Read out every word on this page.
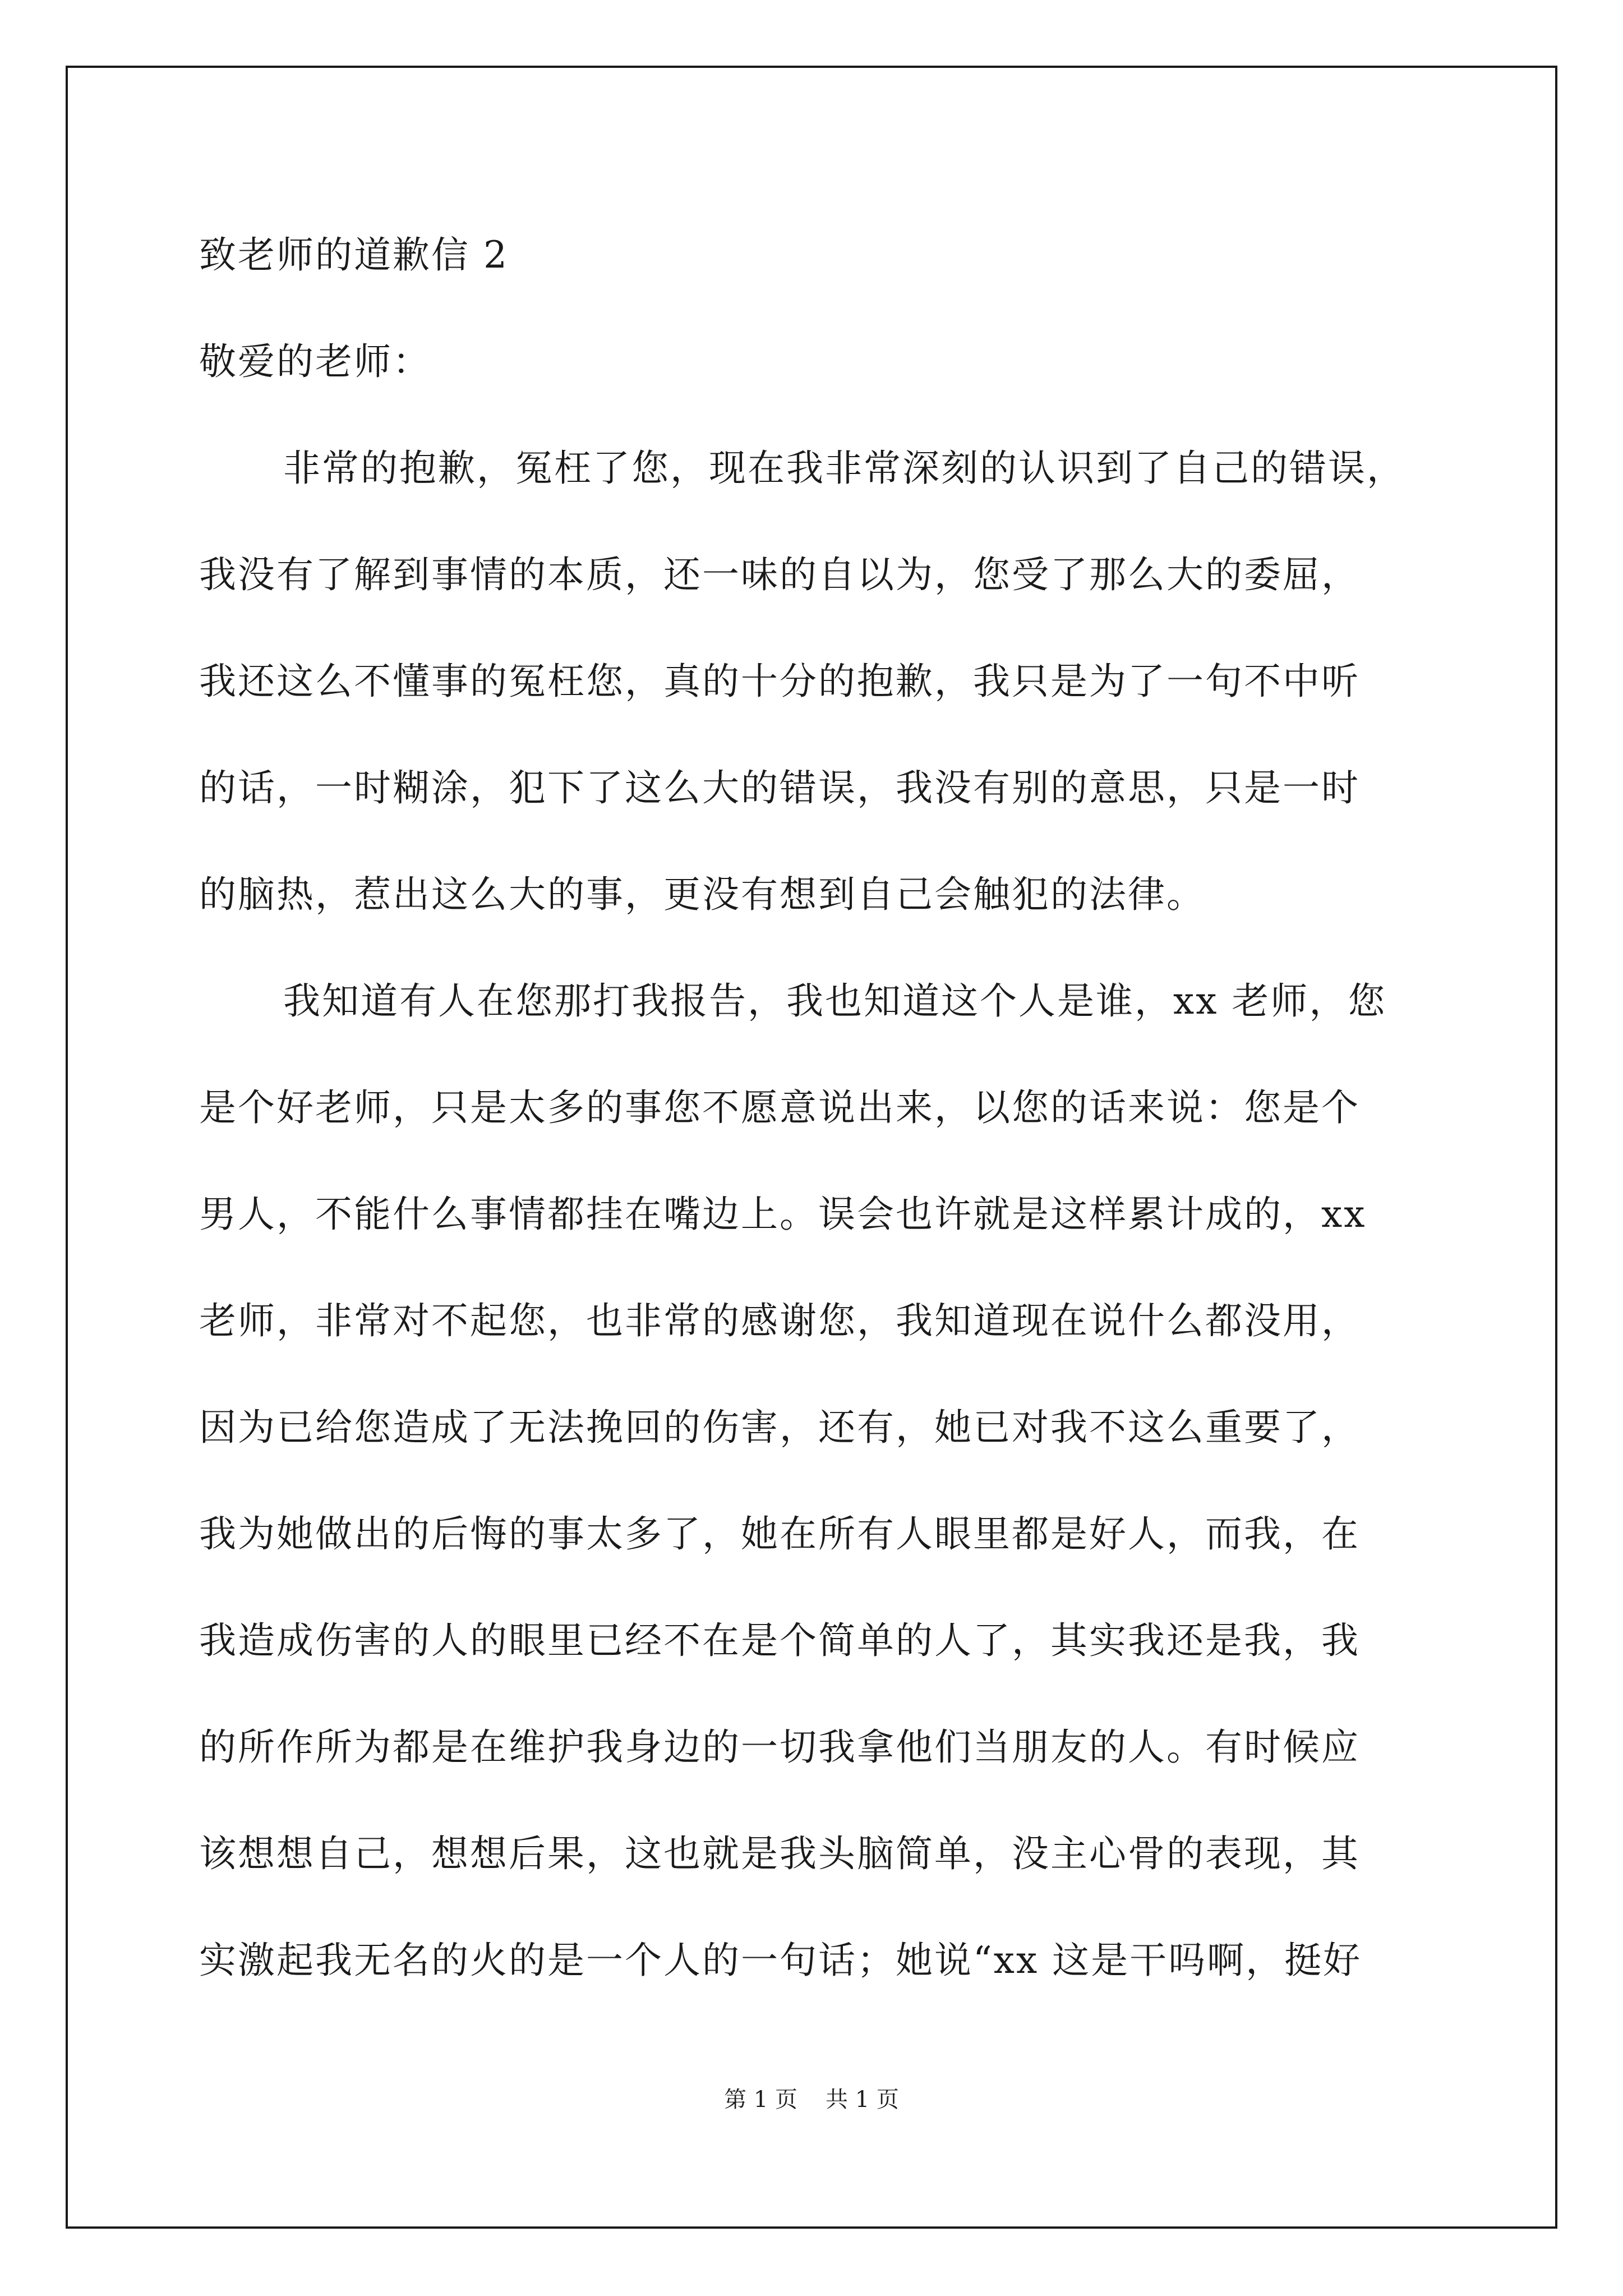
致老师的道歉信 2

敬爱的老师：

非常的抱歉，冤枉了您，现在我非常深刻的认识到了自己的错误，
我没有了解到事情的本质，还一味的自以为，您受了那么大的委屈，
我还这么不懂事的冤枉您，真的十分的抱歉，我只是为了一句不中听
的话，一时糊涂，犯下了这么大的错误，我没有别的意思，只是一时
的脑热，惹出这么大的事，更没有想到自己会触犯的法律。

我知道有人在您那打我报告，我也知道这个人是谁，xx 老师，您
是个好老师，只是太多的事您不愿意说出来，以您的话来说：您是个
男人，不能什么事情都挂在嘴边上。误会也许就是这样累计成的，xx
老师，非常对不起您，也非常的感谢您，我知道现在说什么都没用，
因为已给您造成了无法挽回的伤害，还有，她已对我不这么重要了，
我为她做出的后悔的事太多了，她在所有人眼里都是好人，而我，在
我造成伤害的人的眼里已经不在是个简单的人了，其实我还是我，我
的所作所为都是在维护我身边的一切我拿他们当朋友的人。有时候应
该想想自己，想想后果，这也就是我头脑简单，没主心骨的表现，其
实激起我无名的火的是一个人的一句话；她说“xx 这是干吗啊，挺好

第 1 页 共 1 页
